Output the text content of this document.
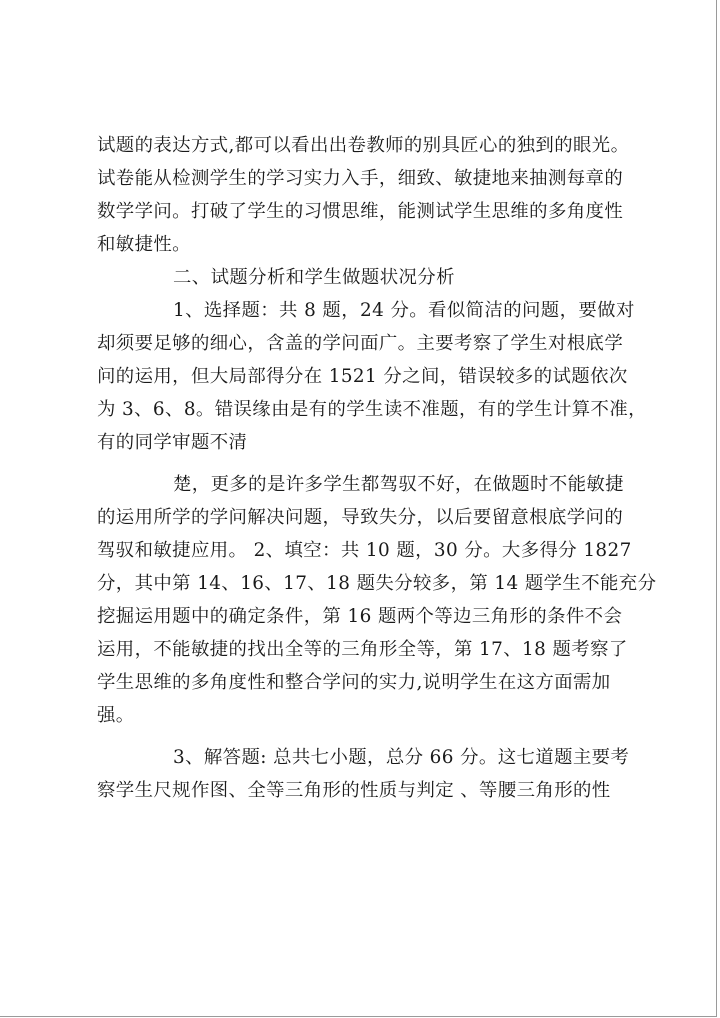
试题的表达方式,都可以看出出卷教师的别具匠心的独到的眼光。
试卷能从检测学生的学习实力入手，细致、敏捷地来抽测每章的
数学学问。打破了学生的习惯思维，能测试学生思维的多角度性
和敏捷性。
二、试题分析和学生做题状况分析
1、选择题：共 8 题，24 分。看似简洁的问题，要做对
却须要足够的细心，含盖的学问面广。主要考察了学生对根底学
问的运用，但大局部得分在 1521 分之间，错误较多的试题依次
为 3、6、8。错误缘由是有的学生读不准题，有的学生计算不准，
有的同学审题不清
楚，更多的是许多学生都驾驭不好，在做题时不能敏捷
的运用所学的学问解决问题，导致失分，以后要留意根底学问的
驾驭和敏捷应用。 2、填空：共 10 题，30 分。大多得分 1827
分，其中第 14、16、17、18 题失分较多，第 14 题学生不能充分
挖掘运用题中的确定条件，第 16 题两个等边三角形的条件不会
运用，不能敏捷的找出全等的三角形全等，第 17、18 题考察了
学生思维的多角度性和整合学问的实力,说明学生在这方面需加
强。
3、解答题: 总共七小题，总分 66 分。这七道题主要考
察学生尺规作图、全等三角形的性质与判定 、等腰三角形的性
